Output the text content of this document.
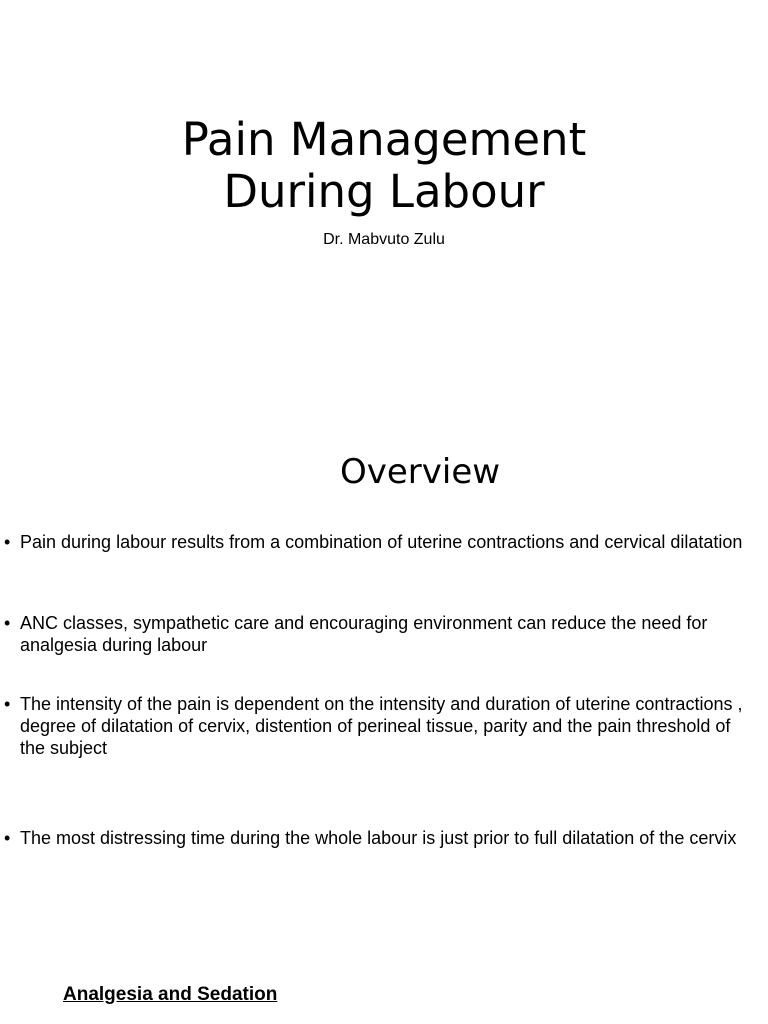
Pain Management
During Labour
Dr. Mabvuto Zulu
Overview
• Pain during labour results from a combination of uterine contractions and cervical dilatation
• ANC classes, sympathetic care and encouraging environment can reduce the need for analgesia during labour
• The intensity of the pain is dependent on the intensity and duration of uterine contractions , degree of dilatation of cervix, distention of perineal tissue, parity and the pain threshold of the subject
• The most distressing time during the whole labour is just prior to full dilatation of the cervix
Analgesia and Sedation
